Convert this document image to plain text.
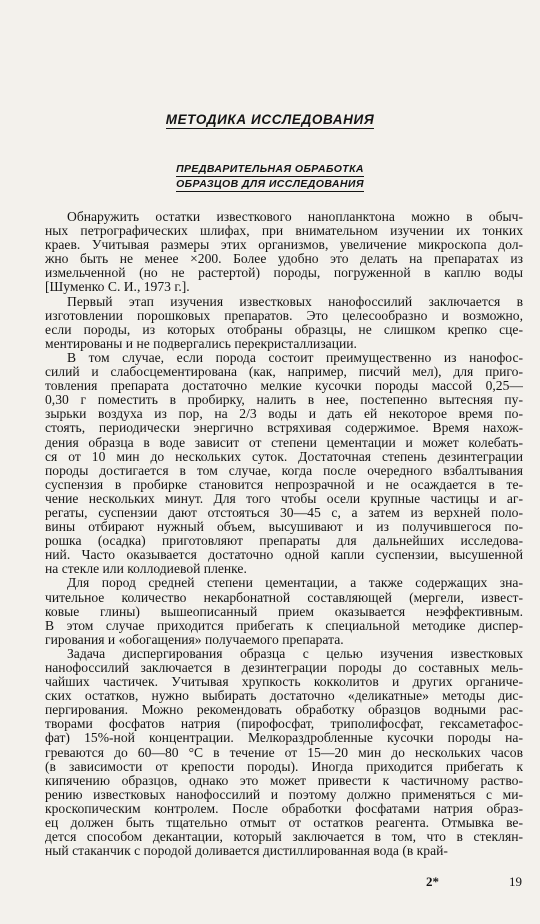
МЕТОДИКА ИССЛЕДОВАНИЯ
ПРЕДВАРИТЕЛЬНАЯ ОБРАБОТКА
ОБРАЗЦОВ ДЛЯ ИССЛЕДОВАНИЯ
Обнаружить остатки известкового нанопланктона можно в обыч-
ных петрографических шлифах, при внимательном изучении их тонких
краев. Учитывая размеры этих организмов, увеличение микроскопа дол-
жно быть не менее ×200. Более удобно это делать на препаратах из
измельченной (но не растертой) породы, погруженной в каплю воды
[Шуменко С. И., 1973 г.].
Первый этап изучения известковых нанофоссилий заключается в
изготовлении порошковых препаратов. Это целесообразно и возможно,
если породы, из которых отобраны образцы, не слишком крепко сце-
ментированы и не подвергались перекристаллизации.
В том случае, если порода состоит преимущественно из нанофос-
силий и слабосцементирована (как, например, писчий мел), для приго-
товления препарата достаточно мелкие кусочки породы массой 0,25—
0,30 г поместить в пробирку, налить в нее, постепенно вытесняя пу-
зырьки воздуха из пор, на 2/3 воды и дать ей некоторое время по-
стоять, периодически энергично встряхивая содержимое. Время нахож-
дения образца в воде зависит от степени цементации и может колебать-
ся от 10 мин до нескольких суток. Достаточная степень дезинтеграции
породы достигается в том случае, когда после очередного взбалтывания
суспензия в пробирке становится непрозрачной и не осаждается в те-
чение нескольких минут. Для того чтобы осели крупные частицы и аг-
регаты, суспензии дают отстояться 30—45 с, а затем из верхней поло-
вины отбирают нужный объем, высушивают и из получившегося по-
рошка (осадка) приготовляют препараты для дальнейших исследова-
ний. Часто оказывается достаточно одной капли суспензии, высушенной
на стекле или коллодиевой пленке.
Для пород средней степени цементации, а также содержащих зна-
чительное количество некарбонатной составляющей (мергели, извест-
ковые глины) вышеописанный прием оказывается неэффективным.
В этом случае приходится прибегать к специальной методике диспер-
гирования и «обогащения» получаемого препарата.
Задача диспергирования образца с целью изучения известковых
нанофоссилий заключается в дезинтеграции породы до составных мель-
чайших частичек. Учитывая хрупкость кокколитов и других органиче-
ских остатков, нужно выбирать достаточно «деликатные» методы дис-
пергирования. Можно рекомендовать обработку образцов водными рас-
творами фосфатов натрия (пирофосфат, триполифосфат, гексаметафос-
фат) 15%-ной концентрации. Мелкораздробленные кусочки породы на-
греваются до 60—80 °C в течение от 15—20 мин до нескольких часов
(в зависимости от крепости породы). Иногда приходится прибегать к
кипячению образцов, однако это может привести к частичному раство-
рению известковых нанофоссилий и поэтому должно применяться с ми-
кроскопическим контролем. После обработки фосфатами натрия образ-
ец должен быть тщательно отмыт от остатков реагента. Отмывка ве-
дется способом декантации, который заключается в том, что в стеклян-
ный стаканчик с породой доливается дистиллированная вода (в край-
2*	19
